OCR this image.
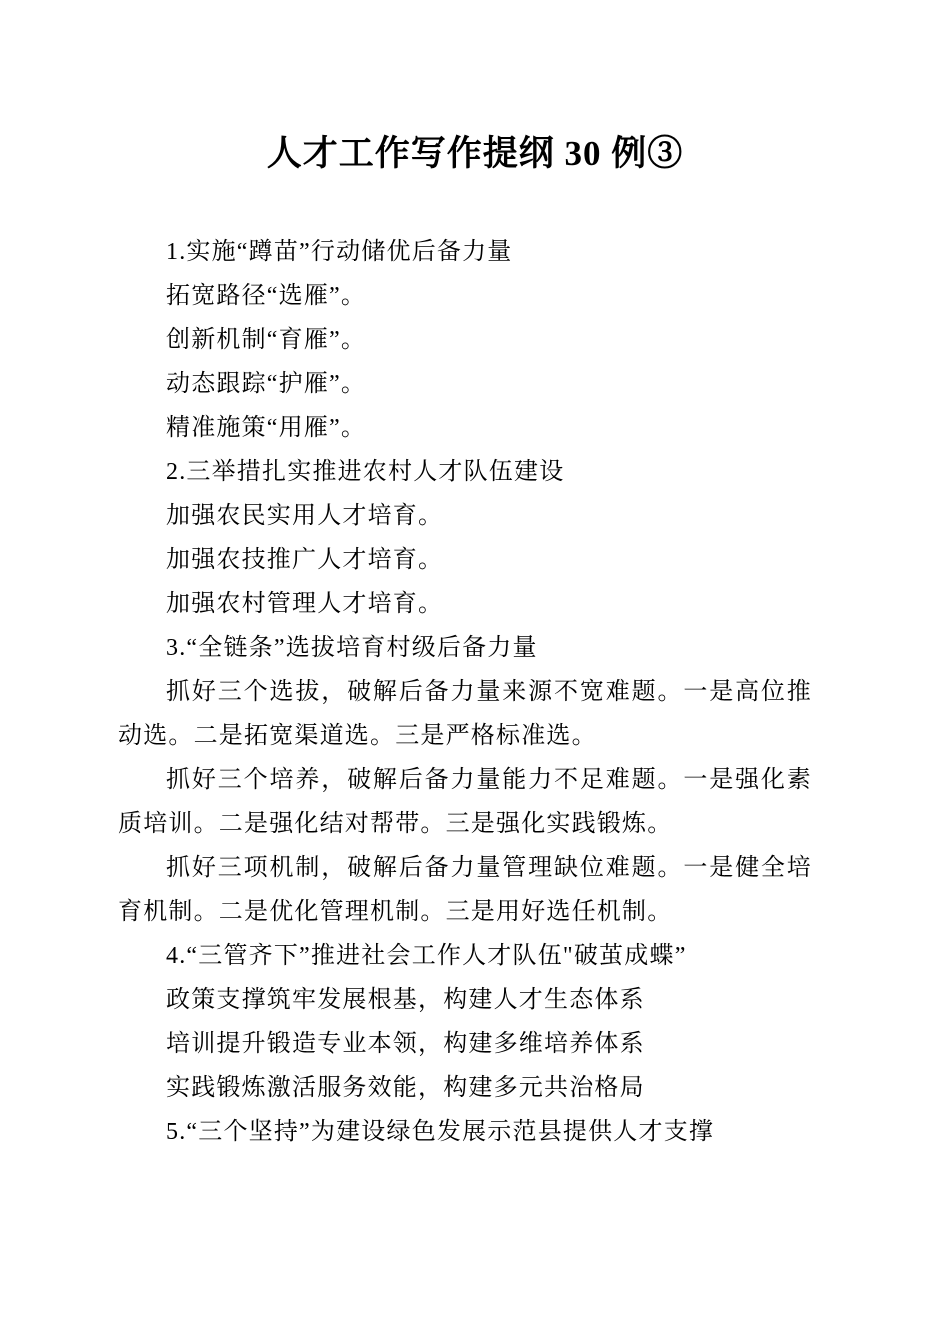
人才工作写作提纲 30 例③

1.实施“蹲苗”行动储优后备力量

拓宽路径“选雁”。

创新机制“育雁”。

动态跟踪“护雁”。

精准施策“用雁”。

2.三举措扎实推进农村人才队伍建设

加强农民实用人才培育。

加强农技推广人才培育。

加强农村管理人才培育。

3.“全链条”选拔培育村级后备力量

抓好三个选拔，破解后备力量来源不宽难题。一是高位推动选。二是拓宽渠道选。三是严格标准选。

抓好三个培养，破解后备力量能力不足难题。一是强化素质培训。二是强化结对帮带。三是强化实践锻炼。

抓好三项机制，破解后备力量管理缺位难题。一是健全培育机制。二是优化管理机制。三是用好选任机制。

4.“三管齐下”推进社会工作人才队伍"破茧成蝶”

政策支撑筑牢发展根基，构建人才生态体系

培训提升锻造专业本领，构建多维培养体系

实践锻炼激活服务效能，构建多元共治格局

5.“三个坚持”为建设绿色发展示范县提供人才支撑
